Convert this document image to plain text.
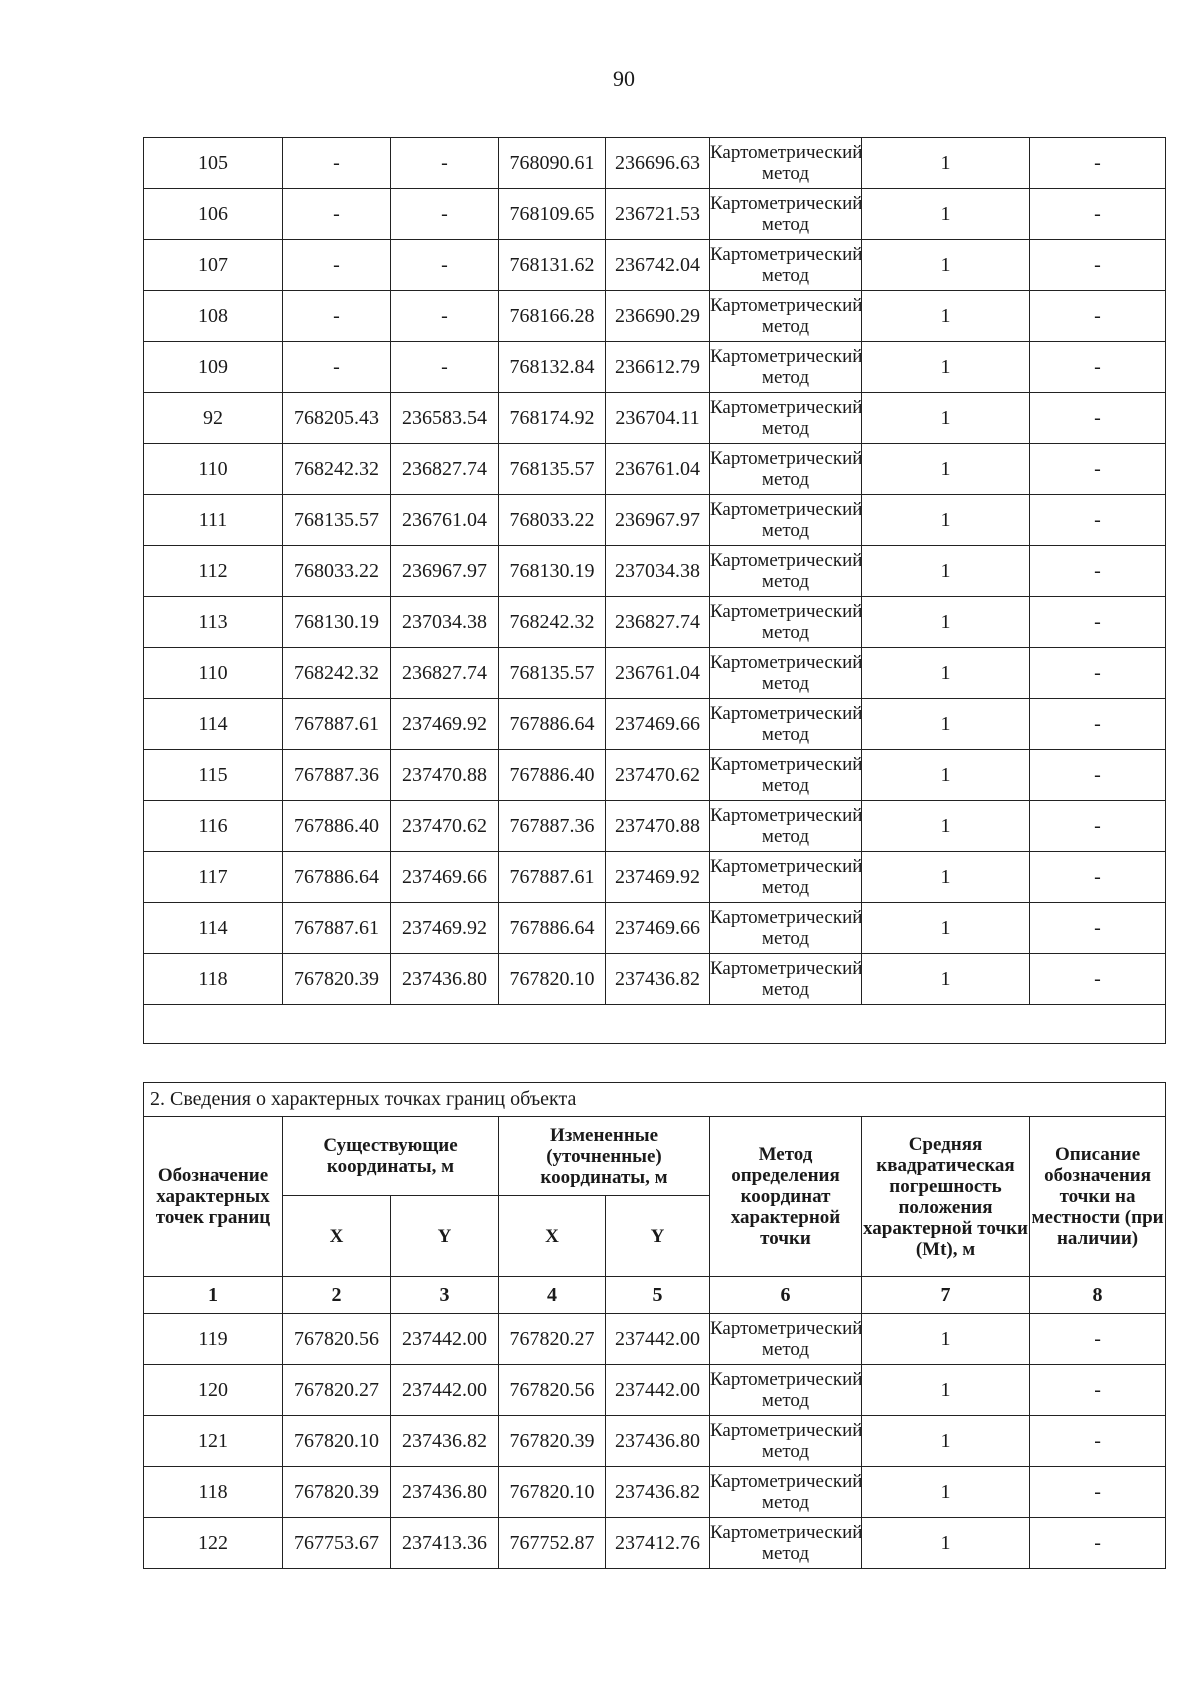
90
105	-	-	768090.61	236696.63	Картометрический метод	1	-
106	-	-	768109.65	236721.53	Картометрический метод	1	-
107	-	-	768131.62	236742.04	Картометрический метод	1	-
108	-	-	768166.28	236690.29	Картометрический метод	1	-
109	-	-	768132.84	236612.79	Картометрический метод	1	-
92	768205.43	236583.54	768174.92	236704.11	Картометрический метод	1	-
110	768242.32	236827.74	768135.57	236761.04	Картометрический метод	1	-
111	768135.57	236761.04	768033.22	236967.97	Картометрический метод	1	-
112	768033.22	236967.97	768130.19	237034.38	Картометрический метод	1	-
113	768130.19	237034.38	768242.32	236827.74	Картометрический метод	1	-
110	768242.32	236827.74	768135.57	236761.04	Картометрический метод	1	-
114	767887.61	237469.92	767886.64	237469.66	Картометрический метод	1	-
115	767887.36	237470.88	767886.40	237470.62	Картометрический метод	1	-
116	767886.40	237470.62	767887.36	237470.88	Картометрический метод	1	-
117	767886.64	237469.66	767887.61	237469.92	Картометрический метод	1	-
114	767887.61	237469.92	767886.64	237469.66	Картометрический метод	1	-
118	767820.39	237436.80	767820.10	237436.82	Картометрический метод	1	-

2. Сведения о характерных точках границ объекта							
Обозначение характерных точек границ	Существующие координаты, м		Измененные (уточненные) координаты, м		Метод определения координат характерной точки	Средняя квадратическая погрешность положения характерной точки (Mt), м	Описание обозначения точки на местности (при наличии)
	X	Y	X	Y			
1	2	3	4	5	6	7	8
119	767820.56	237442.00	767820.27	237442.00	Картометрический метод	1	-
120	767820.27	237442.00	767820.56	237442.00	Картометрический метод	1	-
121	767820.10	237436.82	767820.39	237436.80	Картометрический метод	1	-
118	767820.39	237436.80	767820.10	237436.82	Картометрический метод	1	-
122	767753.67	237413.36	767752.87	237412.76	Картометрический метод	1	-
